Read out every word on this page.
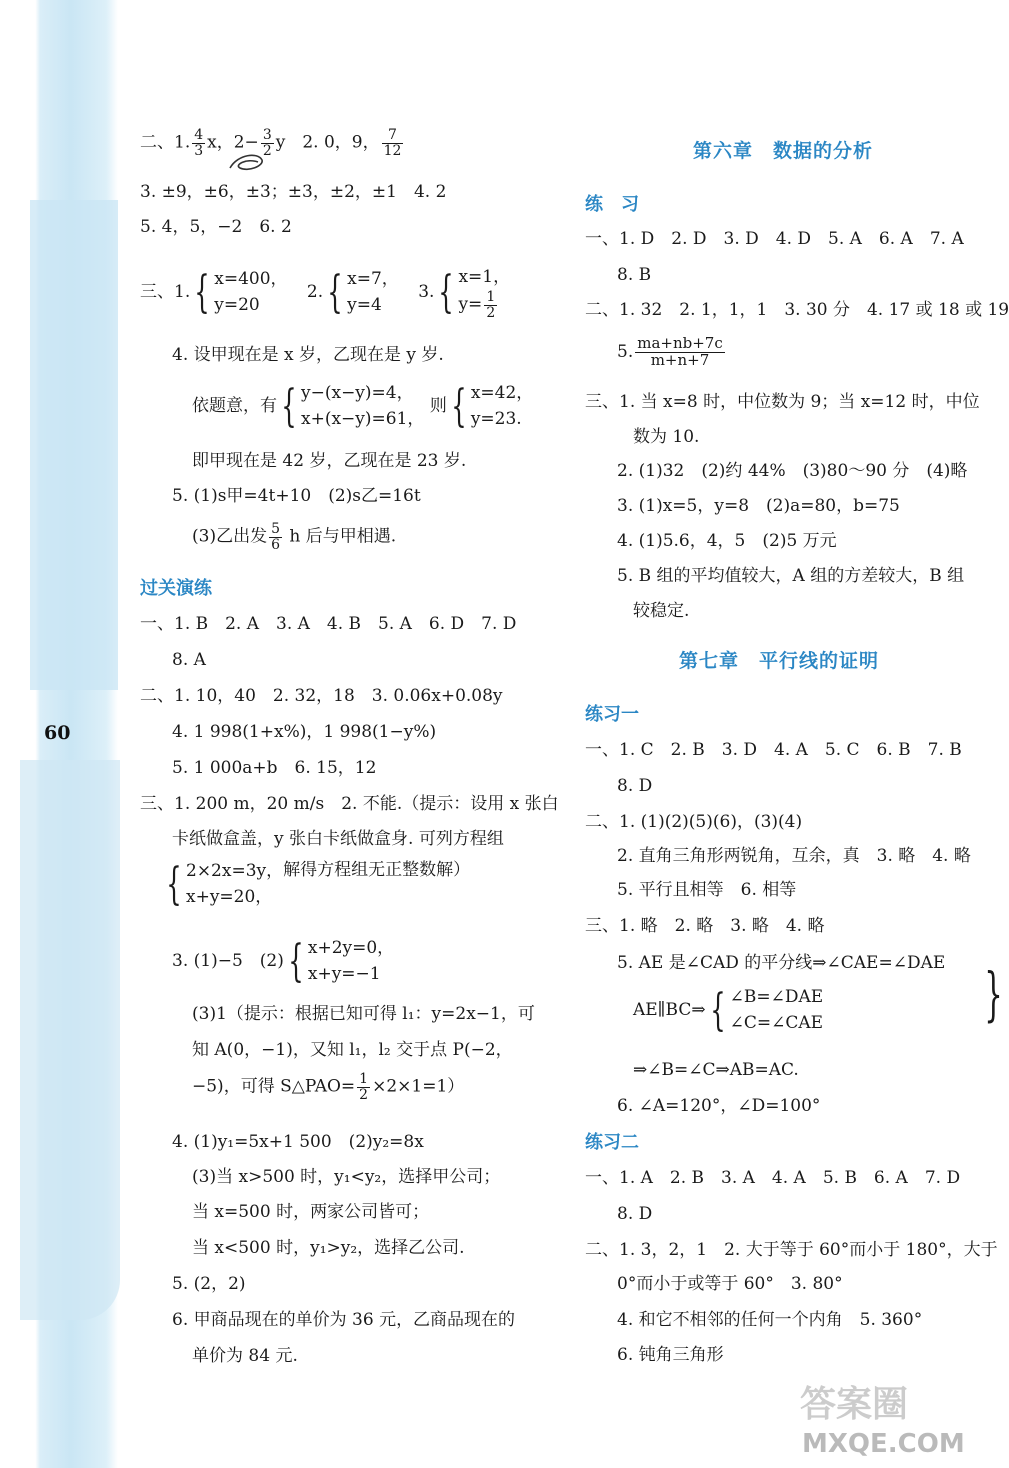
60
二、1. $\frac{4}{3}$ x，$2- \frac{3}{2}$ y　2. 0，9， $\frac{7}{12}$
3. ±9，±6，±3；±3，±2，±1　4. 2
5. 4，5，−2　6. 2
三、1.{ x=400，
y=20 2.{ x=7，
y=4 3.{ x=1，
$y= \frac{1}{2}$
4. 设甲现在是 x 岁，乙现在是 y 岁.
依题意，有{ y−(x−y)=4，
x+(x−y)=61， 则{ x=42，
y=23.
即甲现在是 42 岁，乙现在是 23 岁.
5. (1)s甲=4t+10　(2)s乙=16t
(3)乙出发 $\frac{5}{6}$ h 后与甲相遇.
过关演练
一、1. B　2. A　3. A　4. B　5. A　6. D　7. D
8. A
二、1. 10，40　2. 32，18　3. 0.06x+0.08y
4. 1 998(1+x%)，1 998(1−y%)
5. 1 000a+b　6. 15，12
三、1. 200 m，20 m/s　2. 不能.（提示：设用 x 张白
卡纸做盒盖，y 张白卡纸做盒身. 可列方程组
{ 2×2x=3y，
x+y=20，解得方程组无正整数解）
3. (1)−5　(2){ x+2y=0，
x+y=−1
(3)1（提示：根据已知可得 l₁：y=2x−1，可
知 A(0，−1)，又知 l₁，l₂ 交于点 P(−2，
−5)，可得 S△PAO= $\frac{1}{2} \times 2\times 1=1$）
4. (1)y₁=5x+1 500　(2)y₂=8x
(3)当 x>500 时，y₁<y₂，选择甲公司；
当 x=500 时，两家公司皆可；
当 x<500 时，y₁>y₂，选择乙公司.
5. (2，2)
6. 甲商品现在的单价为 36 元，乙商品现在的
单价为 84 元.
第六章　数据的分析
练　习
一、1. D　2. D　3. D　4. D　5. A　6. A　7. A
8. B
二、1. 32　2. 1，1，1　3. 30 分　4. 17 或 18 或 19
5. $\frac{ma+nb+7c}{m+n+7}$
三、1. 当 x=8 时，中位数为 9；当 x=12 时，中位
数为 10.
2. (1)32　(2)约 44%　(3)80～90 分　(4)略
3. (1)x=5，y=8　(2)a=80，b=75
4. (1)5.6，4，5　(2)5 万元
5. B 组的平均值较大，A 组的方差较大，B 组
较稳定.
第七章　平行线的证明
练习一
一、1. C　2. B　3. D　4. A　5. C　6. B　7. B
8. D
二、1. (1)(2)(5)(6)，(3)(4)
2. 直角三角形两锐角，互余，真　3. 略　4. 略
5. 平行且相等　6. 相等
三、1. 略　2. 略　3. 略　4. 略
5. AE 是∠CAD 的平分线⇒∠CAE=∠DAE
AE∥BC⇒{ ∠B=∠DAE
∠C=∠CAE	}
⇒∠B=∠C⇒AB=AC.
6. ∠A=120°，∠D=100°
练习二
一、1. A　2. B　3. A　4. A　5. B　6. A　7. D
8. D
二、1. 3，2，1　2. 大于等于 60°而小于 180°，大于
0°而小于或等于 60°　3. 80°
4. 和它不相邻的任何一个内角　5. 360°
6. 钝角三角形
答案圈
MXQE.COM
